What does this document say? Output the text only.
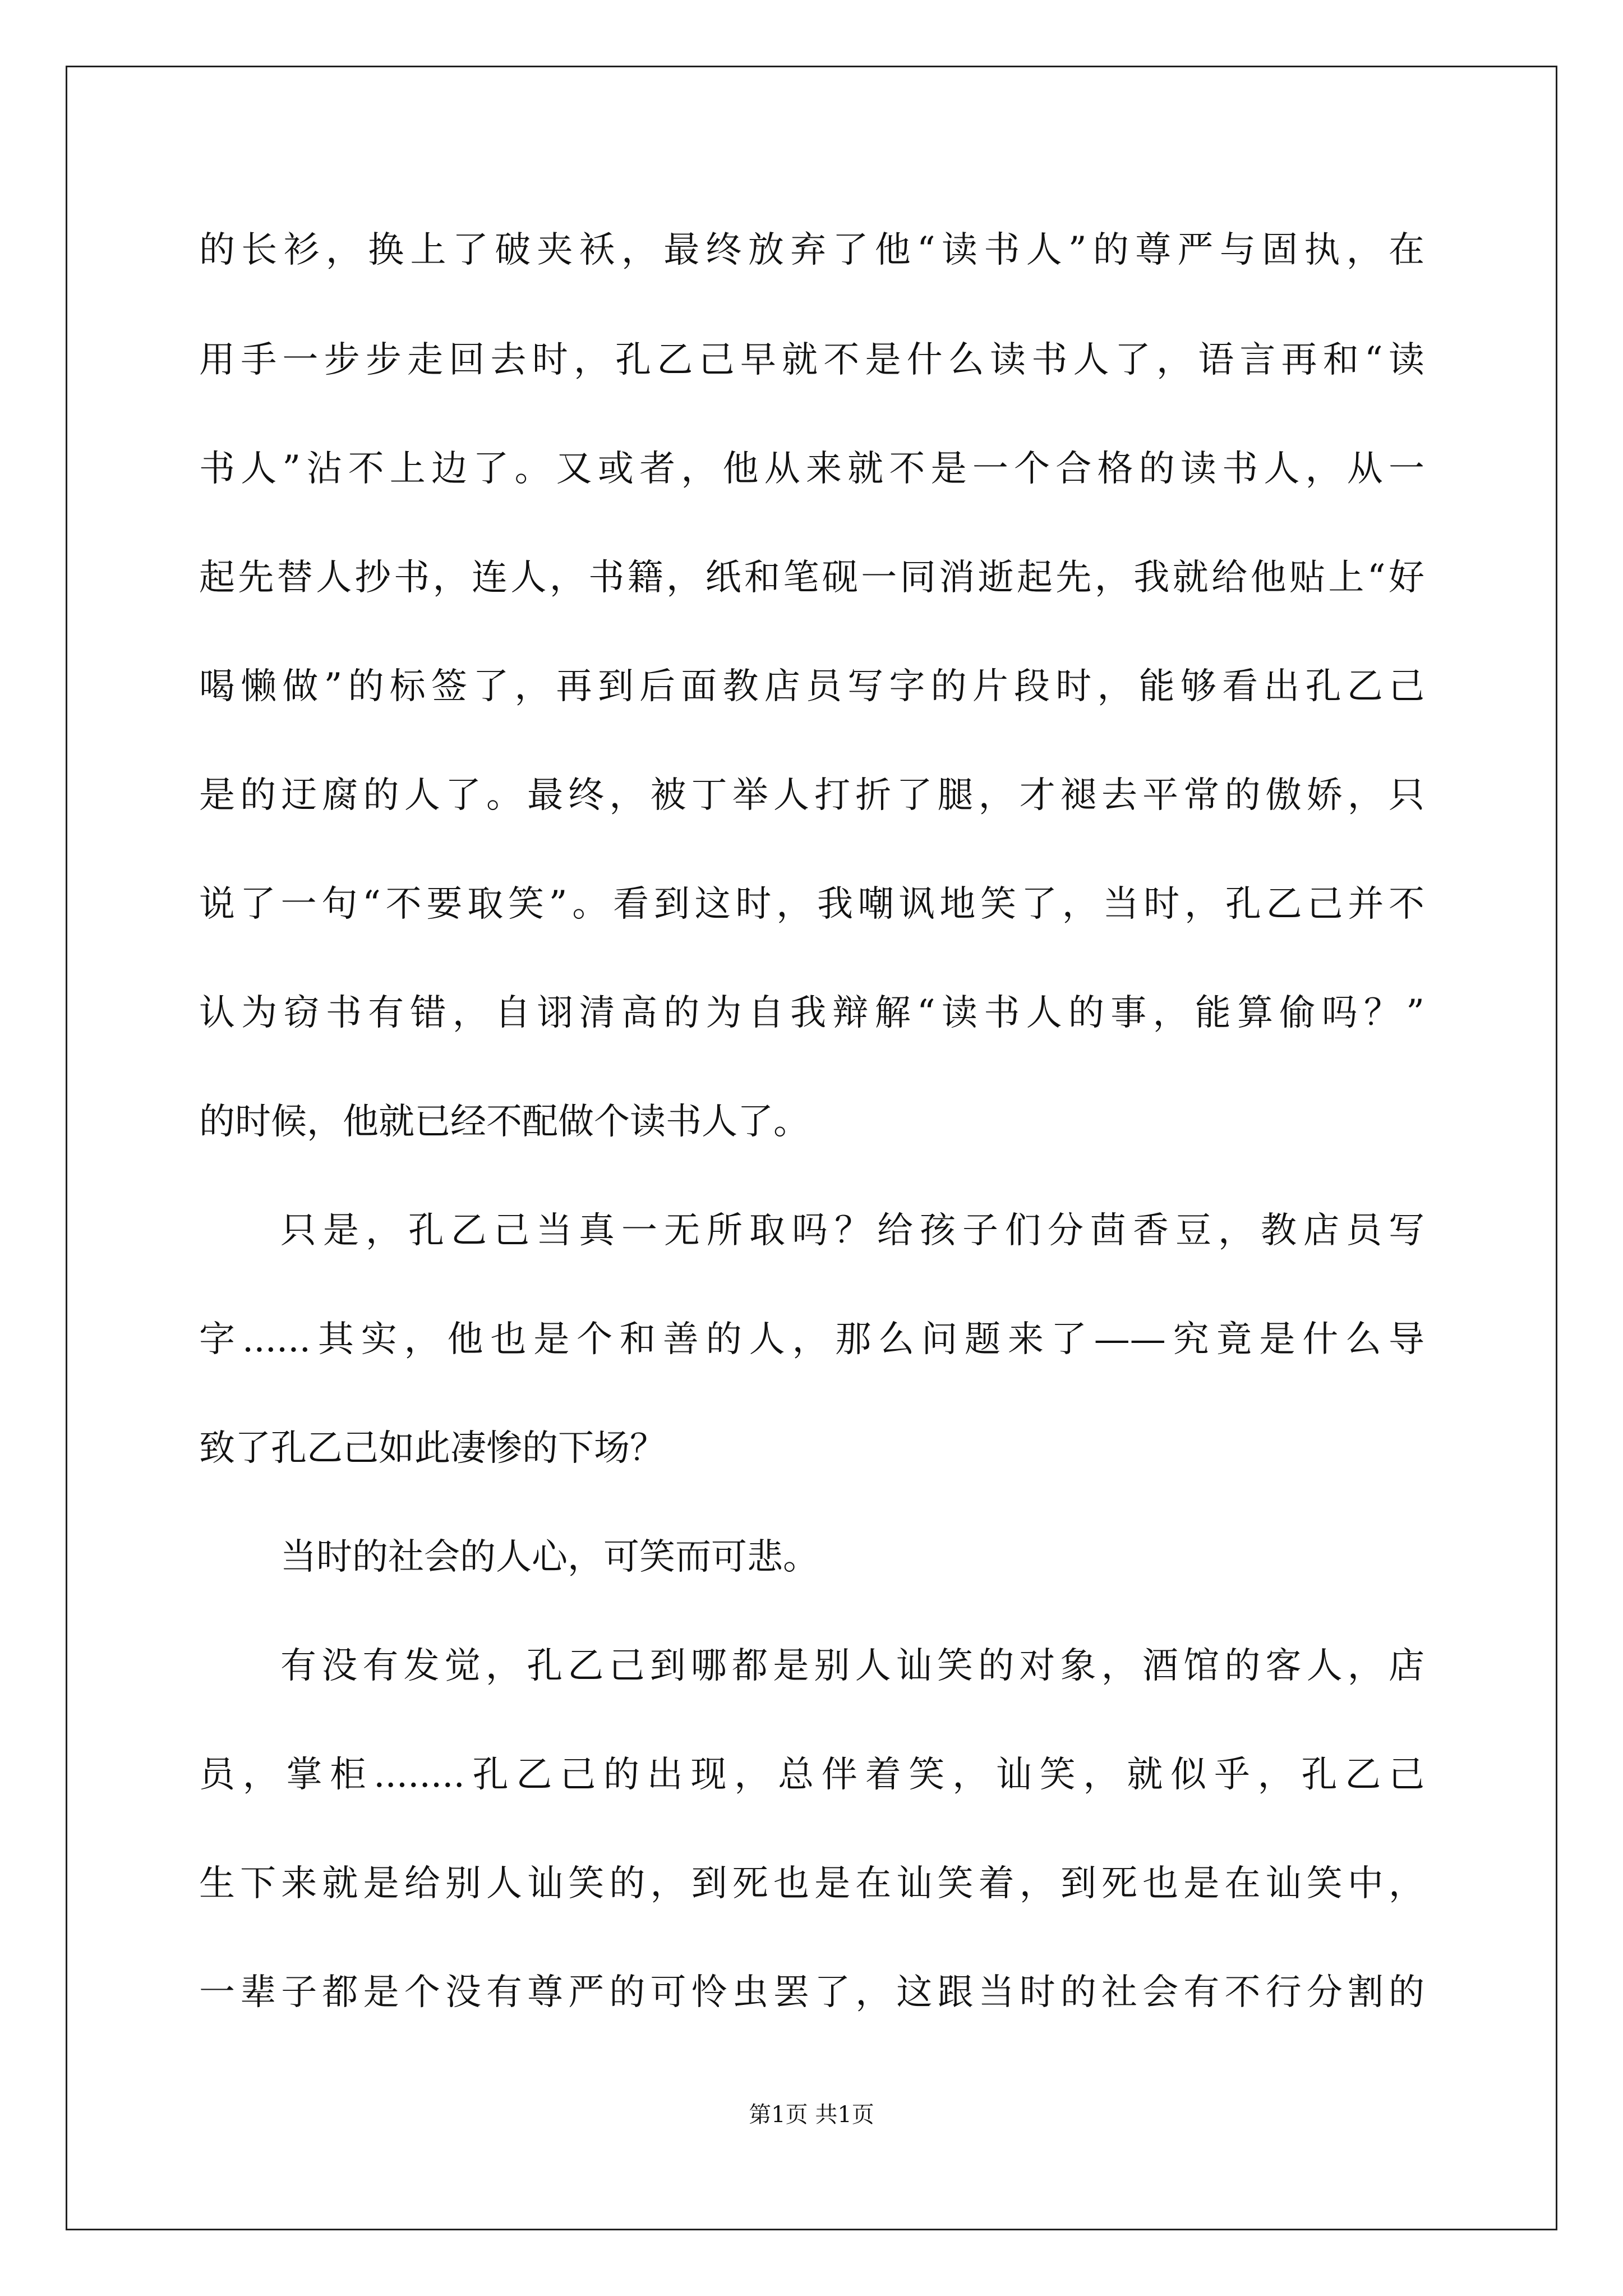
的长衫，换上了破夹袄，最终放弃了他“读书人”的尊严与固执，在
用手一步步走回去时，孔乙己早就不是什么读书人了，语言再和“读
书人”沾不上边了。又或者，他从来就不是一个合格的读书人，从一
起先替人抄书，连人，书籍，纸和笔砚一同消逝起先，我就给他贴上“好
喝懒做”的标签了，再到后面教店员写字的片段时，能够看出孔乙己
是的迂腐的人了。最终，被丁举人打折了腿，才褪去平常的傲娇，只
说了一句“不要取笑”。看到这时，我嘲讽地笑了，当时，孔乙己并不
认为窃书有错，自诩清高的为自我辩解“读书人的事，能算偷吗？”
的时候，他就已经不配做个读书人了。
只是，孔乙己当真一无所取吗？给孩子们分茴香豆，教店员写
字......其实，他也是个和善的人，那么问题来了——究竟是什么导
致了孔乙己如此凄惨的下场？
当时的社会的人心，可笑而可悲。
有没有发觉，孔乙己到哪都是别人讪笑的对象，酒馆的客人，店
员，掌柜........孔乙己的出现，总伴着笑，讪笑，就似乎，孔乙己
生下来就是给别人讪笑的，到死也是在讪笑着，到死也是在讪笑中，
一辈子都是个没有尊严的可怜虫罢了，这跟当时的社会有不行分割的
第1页 共1页
